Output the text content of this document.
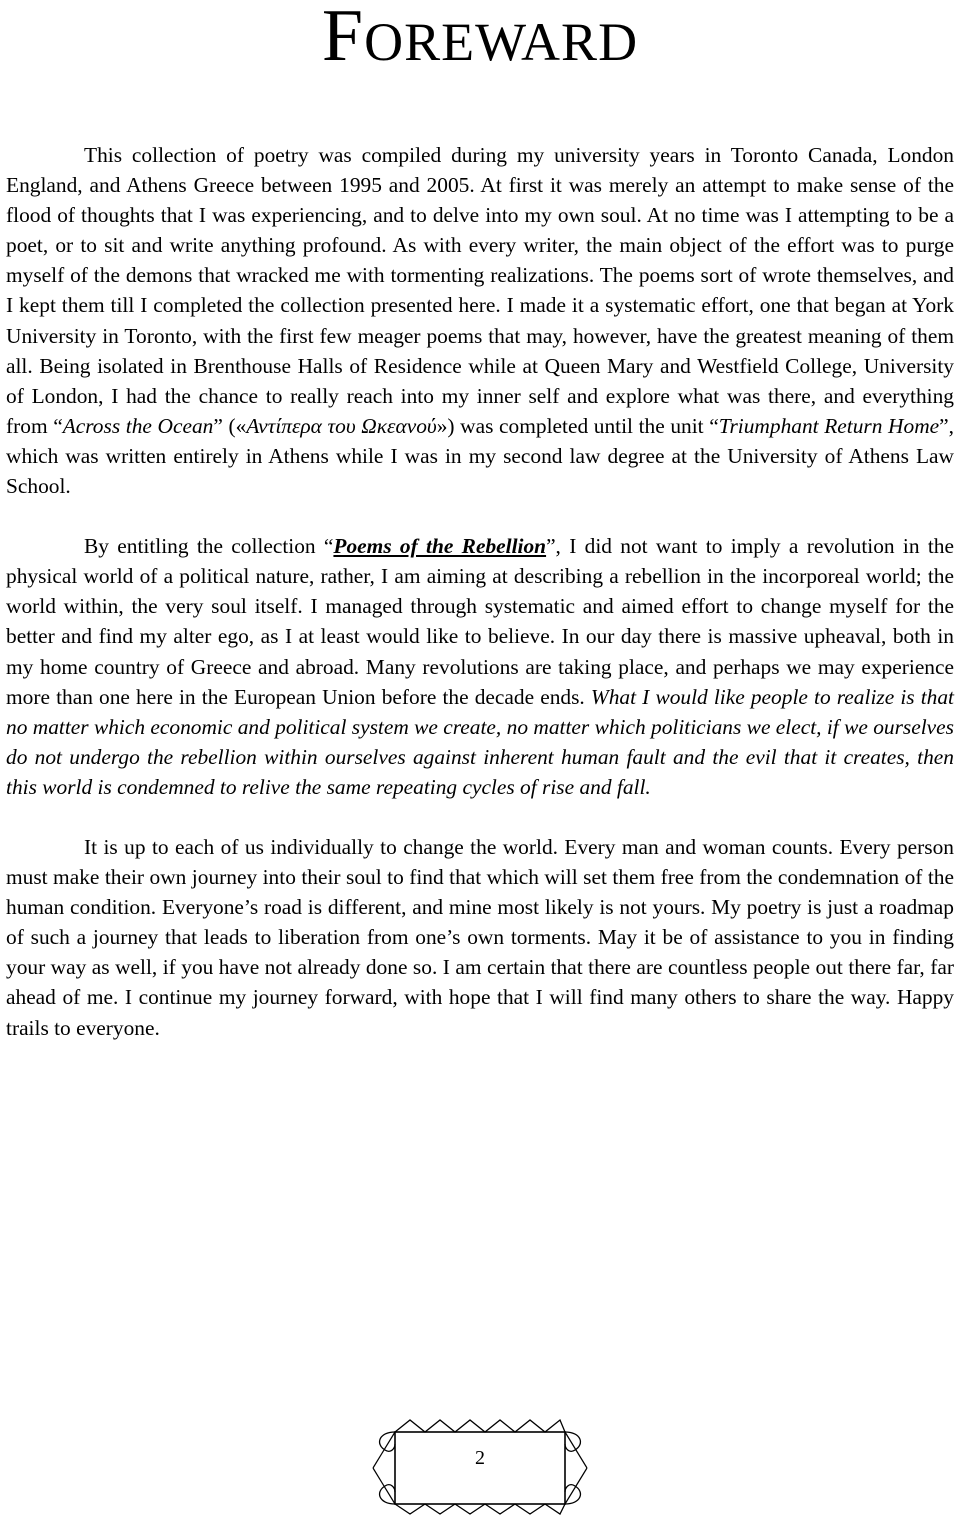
FOREWARD

This collection of poetry was compiled during my university years in Toronto Canada, London England, and Athens Greece between 1995 and 2005. At first it was merely an attempt to make sense of the flood of thoughts that I was experiencing, and to delve into my own soul. At no time was I attempting to be a poet, or to sit and write anything profound. As with every writer, the main object of the effort was to purge myself of the demons that wracked me with tormenting realizations. The poems sort of wrote themselves, and I kept them till I completed the collection presented here. I made it a systematic effort, one that began at York University in Toronto, with the first few meager poems that may, however, have the greatest meaning of them all. Being isolated in Brenthouse Halls of Residence while at Queen Mary and Westfield College, University of London, I had the chance to really reach into my inner self and explore what was there, and everything from “Across the Ocean” («Αντίπερα του Ωκεανού») was completed until the unit “Triumphant Return Home”, which was written entirely in Athens while I was in my second law degree at the University of Athens Law School.

By entitling the collection “Poems of the Rebellion”, I did not want to imply a revolution in the physical world of a political nature, rather, I am aiming at describing a rebellion in the incorporeal world; the world within, the very soul itself. I managed through systematic and aimed effort to change myself for the better and find my alter ego, as I at least would like to believe. In our day there is massive upheaval, both in my home country of Greece and abroad. Many revolutions are taking place, and perhaps we may experience more than one here in the European Union before the decade ends. What I would like people to realize is that no matter which economic and political system we create, no matter which politicians we elect, if we ourselves do not undergo the rebellion within ourselves against inherent human fault and the evil that it creates, then this world is condemned to relive the same repeating cycles of rise and fall.

It is up to each of us individually to change the world. Every man and woman counts. Every person must make their own journey into their soul to find that which will set them free from the condemnation of the human condition. Everyone’s road is different, and mine most likely is not yours. My poetry is just a roadmap of such a journey that leads to liberation from one’s own torments. May it be of assistance to you in finding your way as well, if you have not already done so. I am certain that there are countless people out there far, far ahead of me. I continue my journey forward, with hope that I will find many others to share the way. Happy trails to everyone.

2
